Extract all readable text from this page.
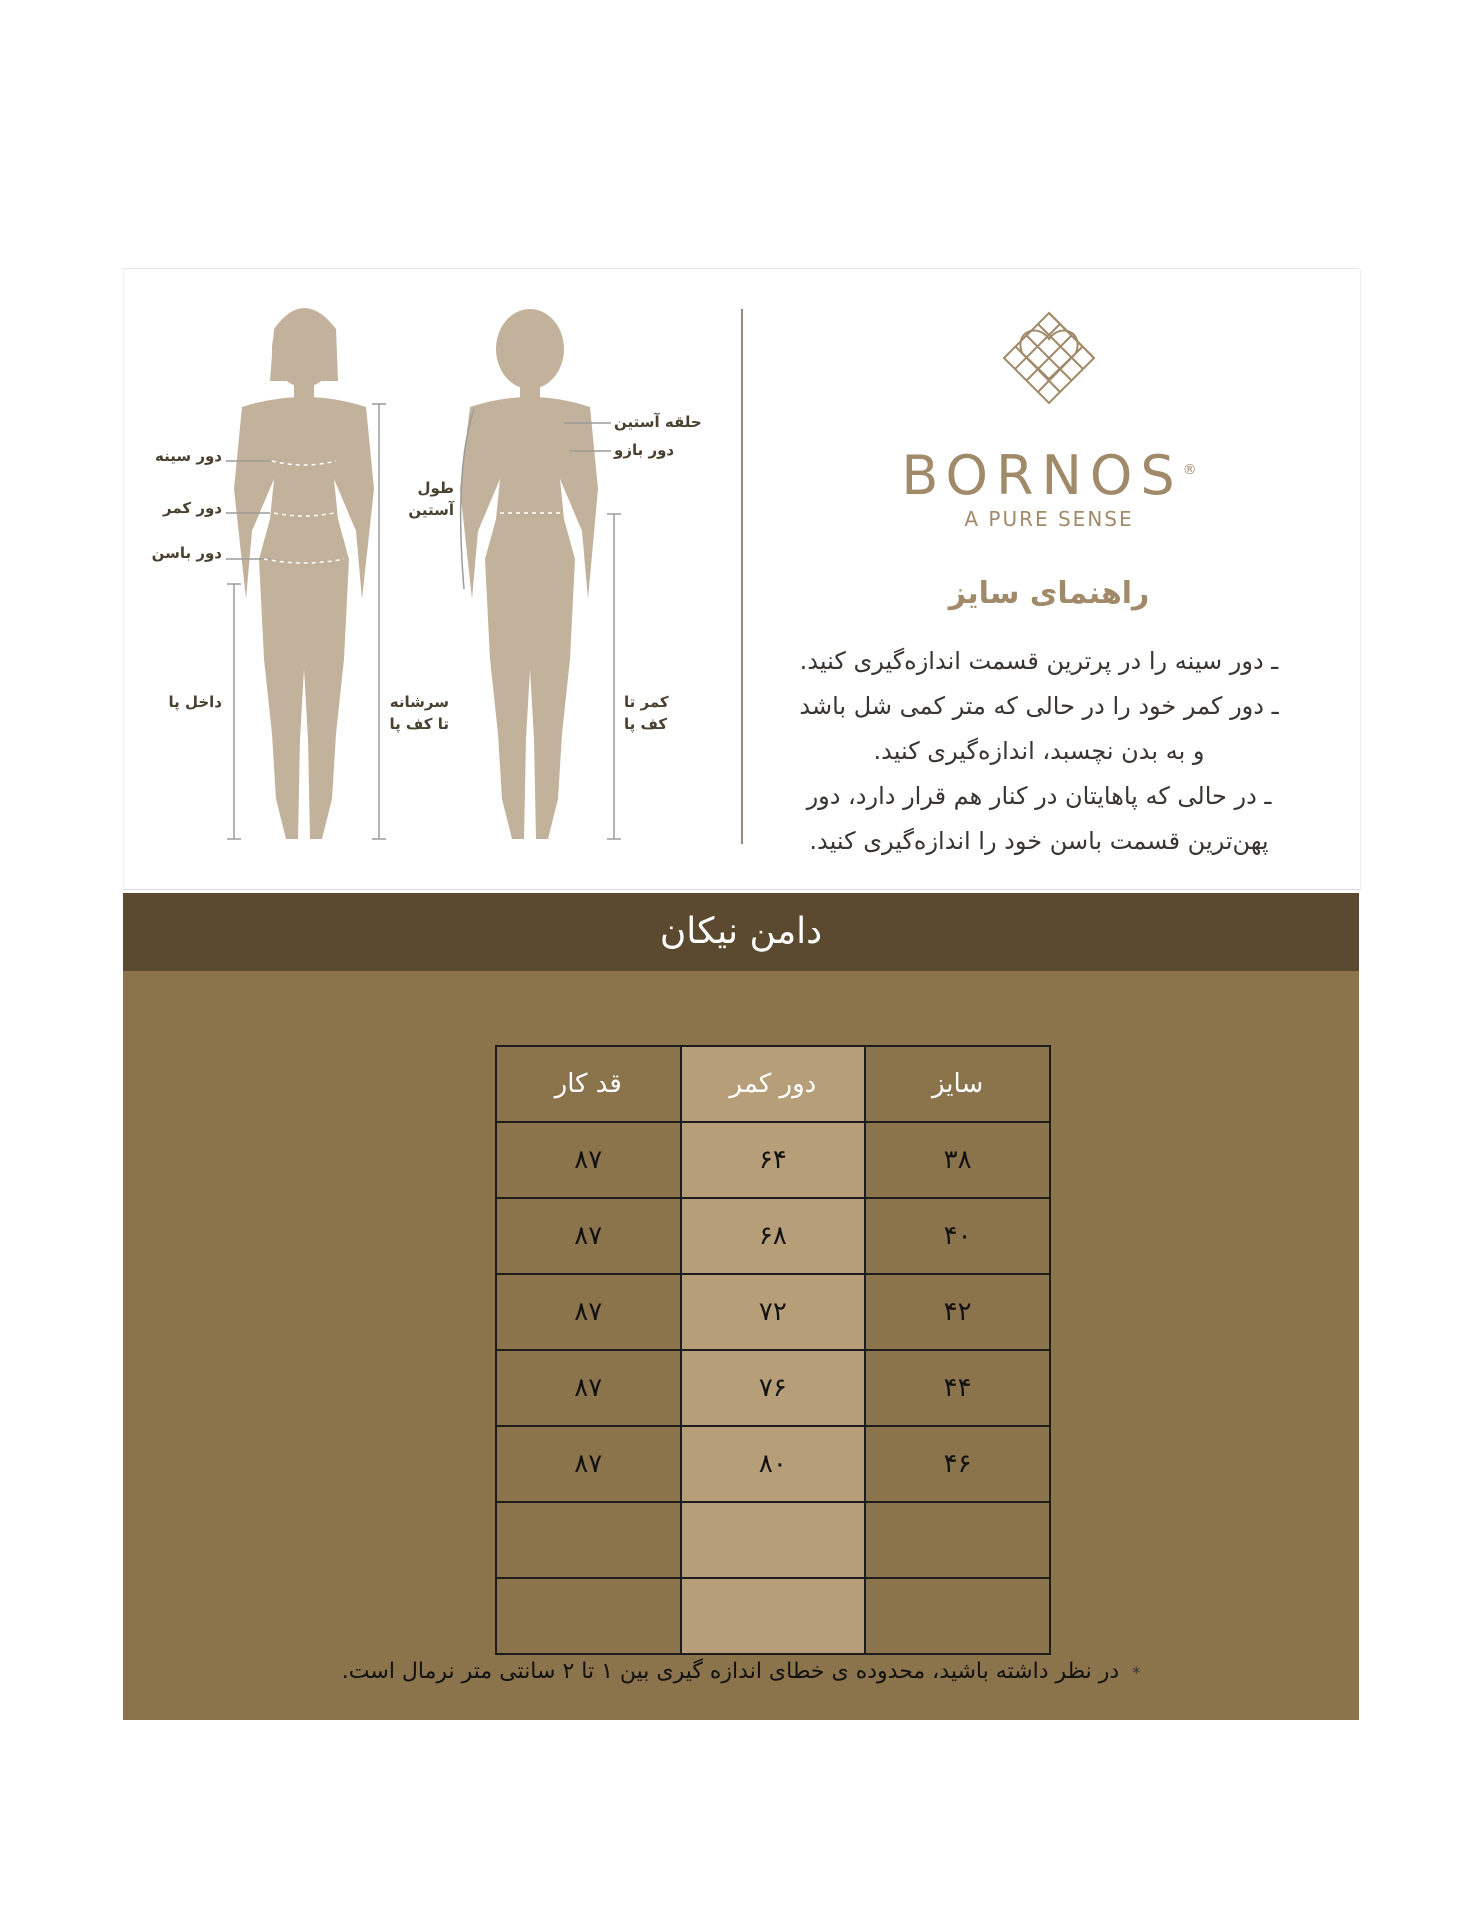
دور سینه
دور کمر
دور باسن
داخل پا	سرشانه
تا کف پا
طول
آستین
حلقه آستین
دور بازو
کمر تا
کف پا
BORNOS®
A PURE SENSE
راهنمای سایز
ـ دور سینه را در پرترین قسمت اندازه‌گیری کنید.
ـ دور کمر خود را در حالی که متر کمی شل باشد
و به بدن نچسبد، اندازه‌گیری کنید.
ـ در حالی که پاهایتان در کنار هم قرار دارد، دور
پهن‌ترین قسمت باسن خود را اندازه‌گیری کنید.
دامن نیکان
سایز	دور کمر	قد کار
۳۸	۶۴	۸۷
۴۰	۶۸	۸۷
۴۲	۷۲	۸۷
۴۴	۷۶	۸۷
۴۶	۸۰	۸۷

* در نظر داشته باشید، محدوده ی خطای اندازه گیری بین ۱ تا ۲ سانتی متر نرمال است.
